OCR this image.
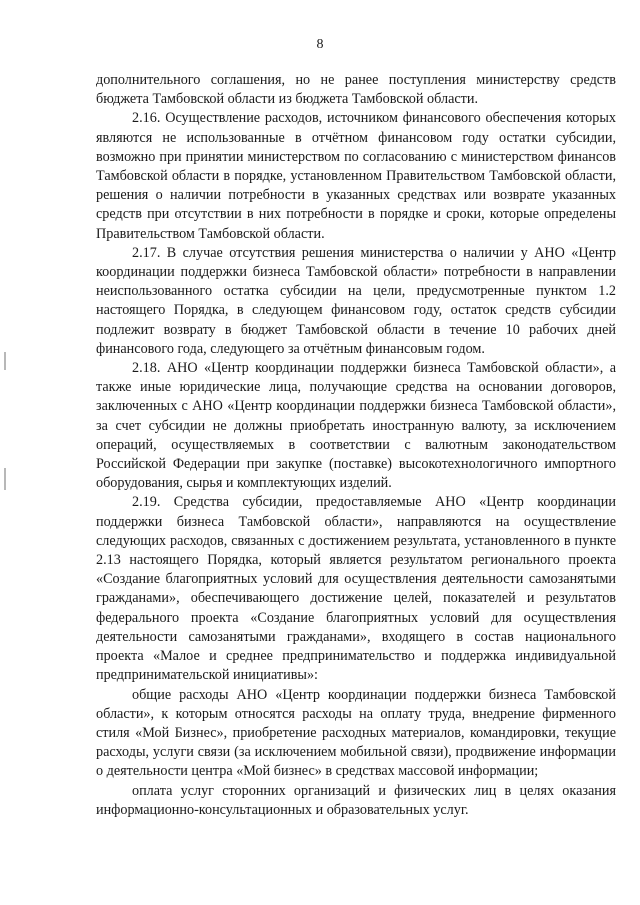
8

дополнительного соглашения, но не ранее поступления министерству средств бюджета Тамбовской области из бюджета Тамбовской области.

2.16. Осуществление расходов, источником финансового обеспечения которых являются не использованные в отчётном финансовом году остатки субсидии, возможно при принятии министерством по согласованию с министерством финансов Тамбовской области в порядке, установленном Правительством Тамбовской области, решения о наличии потребности в указанных средствах или возврате указанных средств при отсутствии в них потребности в порядке и сроки, которые определены Правительством Тамбовской области.

2.17. В случае отсутствия решения министерства о наличии у АНО «Центр координации поддержки бизнеса Тамбовской области» потребности в направлении неиспользованного остатка субсидии на цели, предусмотренные пунктом 1.2 настоящего Порядка, в следующем финансовом году, остаток средств субсидии подлежит возврату в бюджет Тамбовской области в течение 10 рабочих дней финансового года, следующего за отчётным финансовым годом.

2.18. АНО «Центр координации поддержки бизнеса Тамбовской области», а также иные юридические лица, получающие средства на основании договоров, заключенных с АНО «Центр координации поддержки бизнеса Тамбовской области», за счет субсидии не должны приобретать иностранную валюту, за исключением операций, осуществляемых в соответствии с валютным законодательством Российской Федерации при закупке (поставке) высокотехнологичного импортного оборудования, сырья и комплектующих изделий.

2.19. Средства субсидии, предоставляемые АНО «Центр координации поддержки бизнеса Тамбовской области», направляются на осуществление следующих расходов, связанных с достижением результата, установленного в пункте 2.13 настоящего Порядка, который является результатом регионального проекта «Создание благоприятных условий для осуществления деятельности самозанятыми гражданами», обеспечивающего достижение целей, показателей и результатов федерального проекта «Создание благоприятных условий для осуществления деятельности самозанятыми гражданами», входящего в состав национального проекта «Малое и среднее предпринимательство и поддержка индивидуальной предпринимательской инициативы»:

общие расходы АНО «Центр координации поддержки бизнеса Тамбовской области», к которым относятся расходы на оплату труда, внедрение фирменного стиля «Мой Бизнес», приобретение расходных материалов, командировки, текущие расходы, услуги связи (за исключением мобильной связи), продвижение информации о деятельности центра «Мой бизнес» в средствах массовой информации;

оплата услуг сторонних организаций и физических лиц в целях оказания информационно-консультационных и образовательных услуг.
